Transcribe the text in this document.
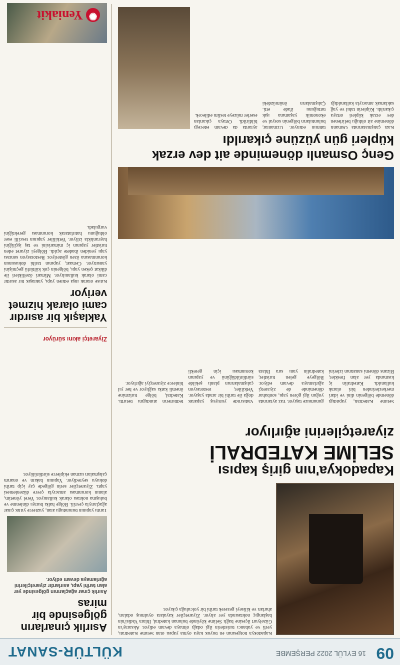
09
16 EYLÜL 2022 PERŞEMBE
KÜLTÜR-SANAT
Kapadokya bölgesinin en büyük kaya oyma yapısı olan Selime Katedrali, yerli ve yabancı turistlerin ilgi odağı olmaya devam ediyor. Aksaray'ın Güzelyurt ilçesine bağlı Selime köyünde bulunan katedral, Ihlara Vadisi'nin başlangıç noktasında yer alıyor. Ziyaretçiler kayalara oyulmuş odaları, ahırları ve kiliseyi gezerek tarihi bir yolculuğa çıkıyor.
Kapadokya'nın giriş kapısı
SELİME KATEDRALİ
ziyaretçilerini ağırlıyor
Selime Katedrali, yapıldığı dönemde bölgenin dini ve idari merkezlerinden biri olarak kullanıldı. Katedralin iç kısmında yer alan freskler, Bizans dönemi sanatının izlerini günümüze taşıyor. Yaz aylarında yoğun ilgi gören yapı, sonbahar döneminde de ziyaretçi ağırlamaya devam ediyor. Bölgeye gelen turistler, katedralin yanı sıra Ihlara Vadisi'nde yürüyüş yaparak doğa ile tarihi bir arada yaşıyor. Yetkililer, restorasyon çalışmalarının planlı şekilde sürdürüldüğünü ve yapının korunması için gerekli tedbirlerin alındığını belirtti. Katedral, bölge turizmine önemli katkı sağlıyor ve her yıl binlerce ziyaretçiyi ağırlıyor.
Genç Osmanlı döneminde ait dev erzak küpleri gün yüzüne çıkarıldı
Kazı çalışmalarında Osmanlı dönemine ait olduğu belirlenen dev erzak küpleri ortaya çıkarıldı. Küplerin tahıl ve yağ saklamak amacıyla kullanıldığı tahmin ediliyor. Uzmanlar, buluntuların bölgenin sosyal ve ekonomik yaşamına ışık tuttuğunu ifade etti. Çalışmaların önümüzdeki aylarda da devam edeceği bildirildi. Ortaya çıkarılan eserler müzeye teslim edilecek.
Asırlık çınarların gölgesinde bir miras
Asırlık çınar ağaçlarının gölgesinde yer alan tarihi yapı, asırlardır ziyaretçilerini ağırlamaya devam ediyor.
Tarihi yapının bulunduğu alan, yüzlerce yıllık çınar ağaçlarıyla çevrili. Bölge halkı burayı dinlenme ve buluşma noktası olarak kullanıyor. Yerel yönetim, alanın korunması amacıyla çevre düzenlemesi yaptı. Ziyaretçiler serin gölgede çay içip tarihi dokuyu seyrediyor. Yapının bakım ve onarım çalışmaları uzman ekiplerce sürdürülüyor.
Ziyaretçi akını sürüyor
Yaklaşık bir asırdır cami olarak hizmet veriyor
Kilise olarak inşa edilen yapı, yaklaşık bir asırdır cami olarak kullanılıyor. Mimari özellikleri ile dikkat çeken yapı, bölgenin çok kültürlü geçmişini yansıtıyor. Cemaat, yapının tarihi dokusunun korunmasına özen gösteriyor. Restorasyon sonrası yapı yeniden ibadete açıldı. Bölgeyi ziyaret eden turistler yapının iç mimarisini ve taş işçiliğini hayranlıkla izliyor. Yetkililer yapının tescilli eser olduğunu hatırlatarak korunması gerektiğini vurguladı.
✺
Yeniakit
